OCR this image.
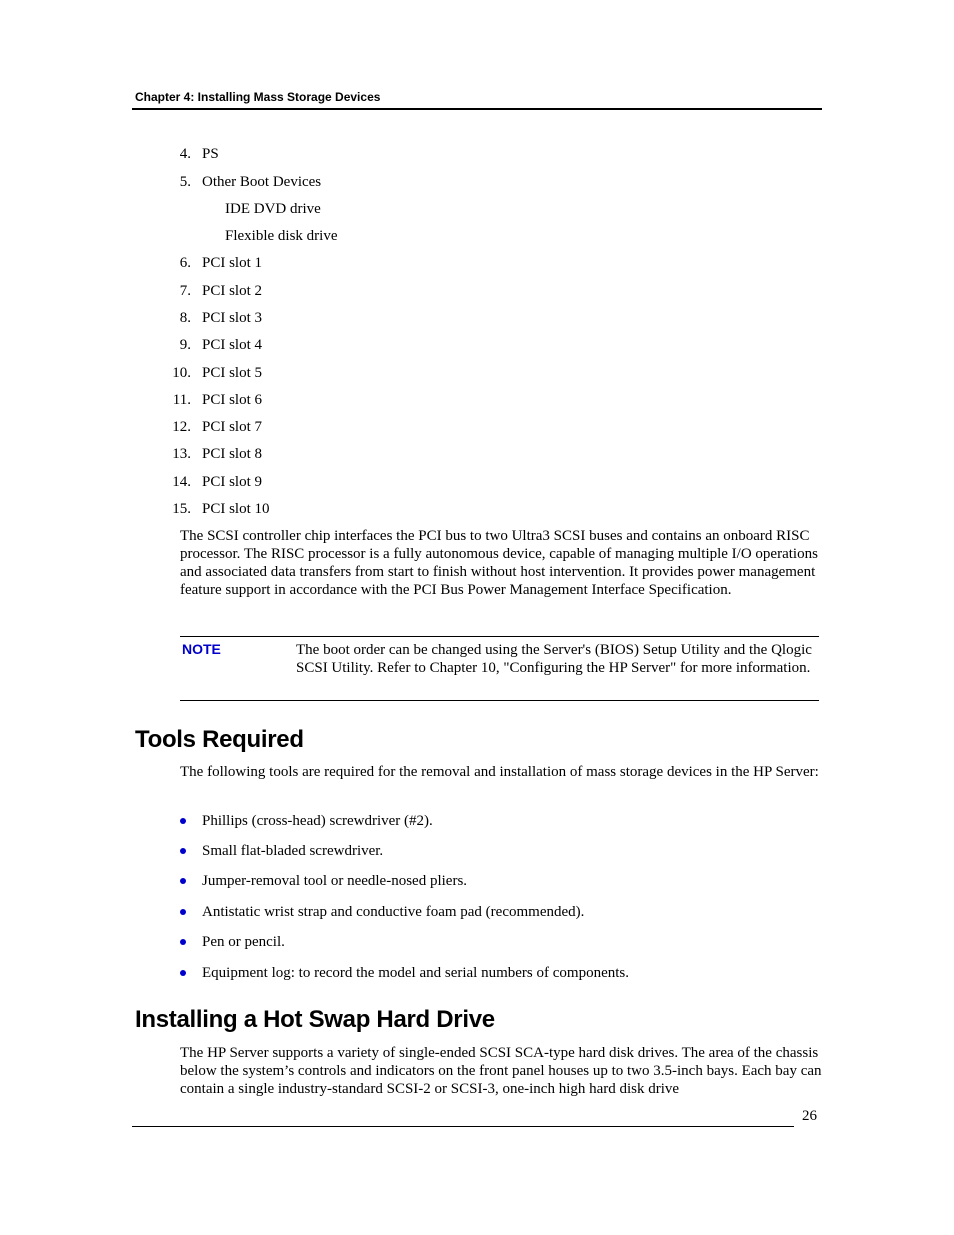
Chapter 4: Installing Mass Storage Devices
4. PS
5. Other Boot Devices
IDE DVD drive
Flexible disk drive
6. PCI slot 1
7. PCI slot 2
8. PCI slot 3
9. PCI slot 4
10. PCI slot 5
11. PCI slot 6
12. PCI slot 7
13. PCI slot 8
14. PCI slot 9
15. PCI slot 10

The SCSI controller chip interfaces the PCI bus to two Ultra3 SCSI buses and contains an onboard RISC processor. The RISC processor is a fully autonomous device, capable of managing multiple I/O operations and associated data transfers from start to finish without host intervention. It provides power management feature support in accordance with the PCI Bus Power Management Interface Specification.

NOTE	The boot order can be changed using the Server's (BIOS) Setup Utility and the Qlogic SCSI Utility. Refer to Chapter 10, "Configuring the HP Server" for more information.
Tools Required

The following tools are required for the removal and installation of mass storage devices in the HP Server:

Phillips (cross-head) screwdriver (#2).
Small flat-bladed screwdriver.
Jumper-removal tool or needle-nosed pliers.
Antistatic wrist strap and conductive foam pad (recommended).
Pen or pencil.
Equipment log: to record the model and serial numbers of components.
Installing a Hot Swap Hard Drive

The HP Server supports a variety of single-ended SCSI SCA-type hard disk drives. The area of the chassis below the system’s controls and indicators on the front panel houses up to two 3.5-inch bays. Each bay can contain a single industry-standard SCSI-2 or SCSI-3, one-inch high hard disk drive

26
